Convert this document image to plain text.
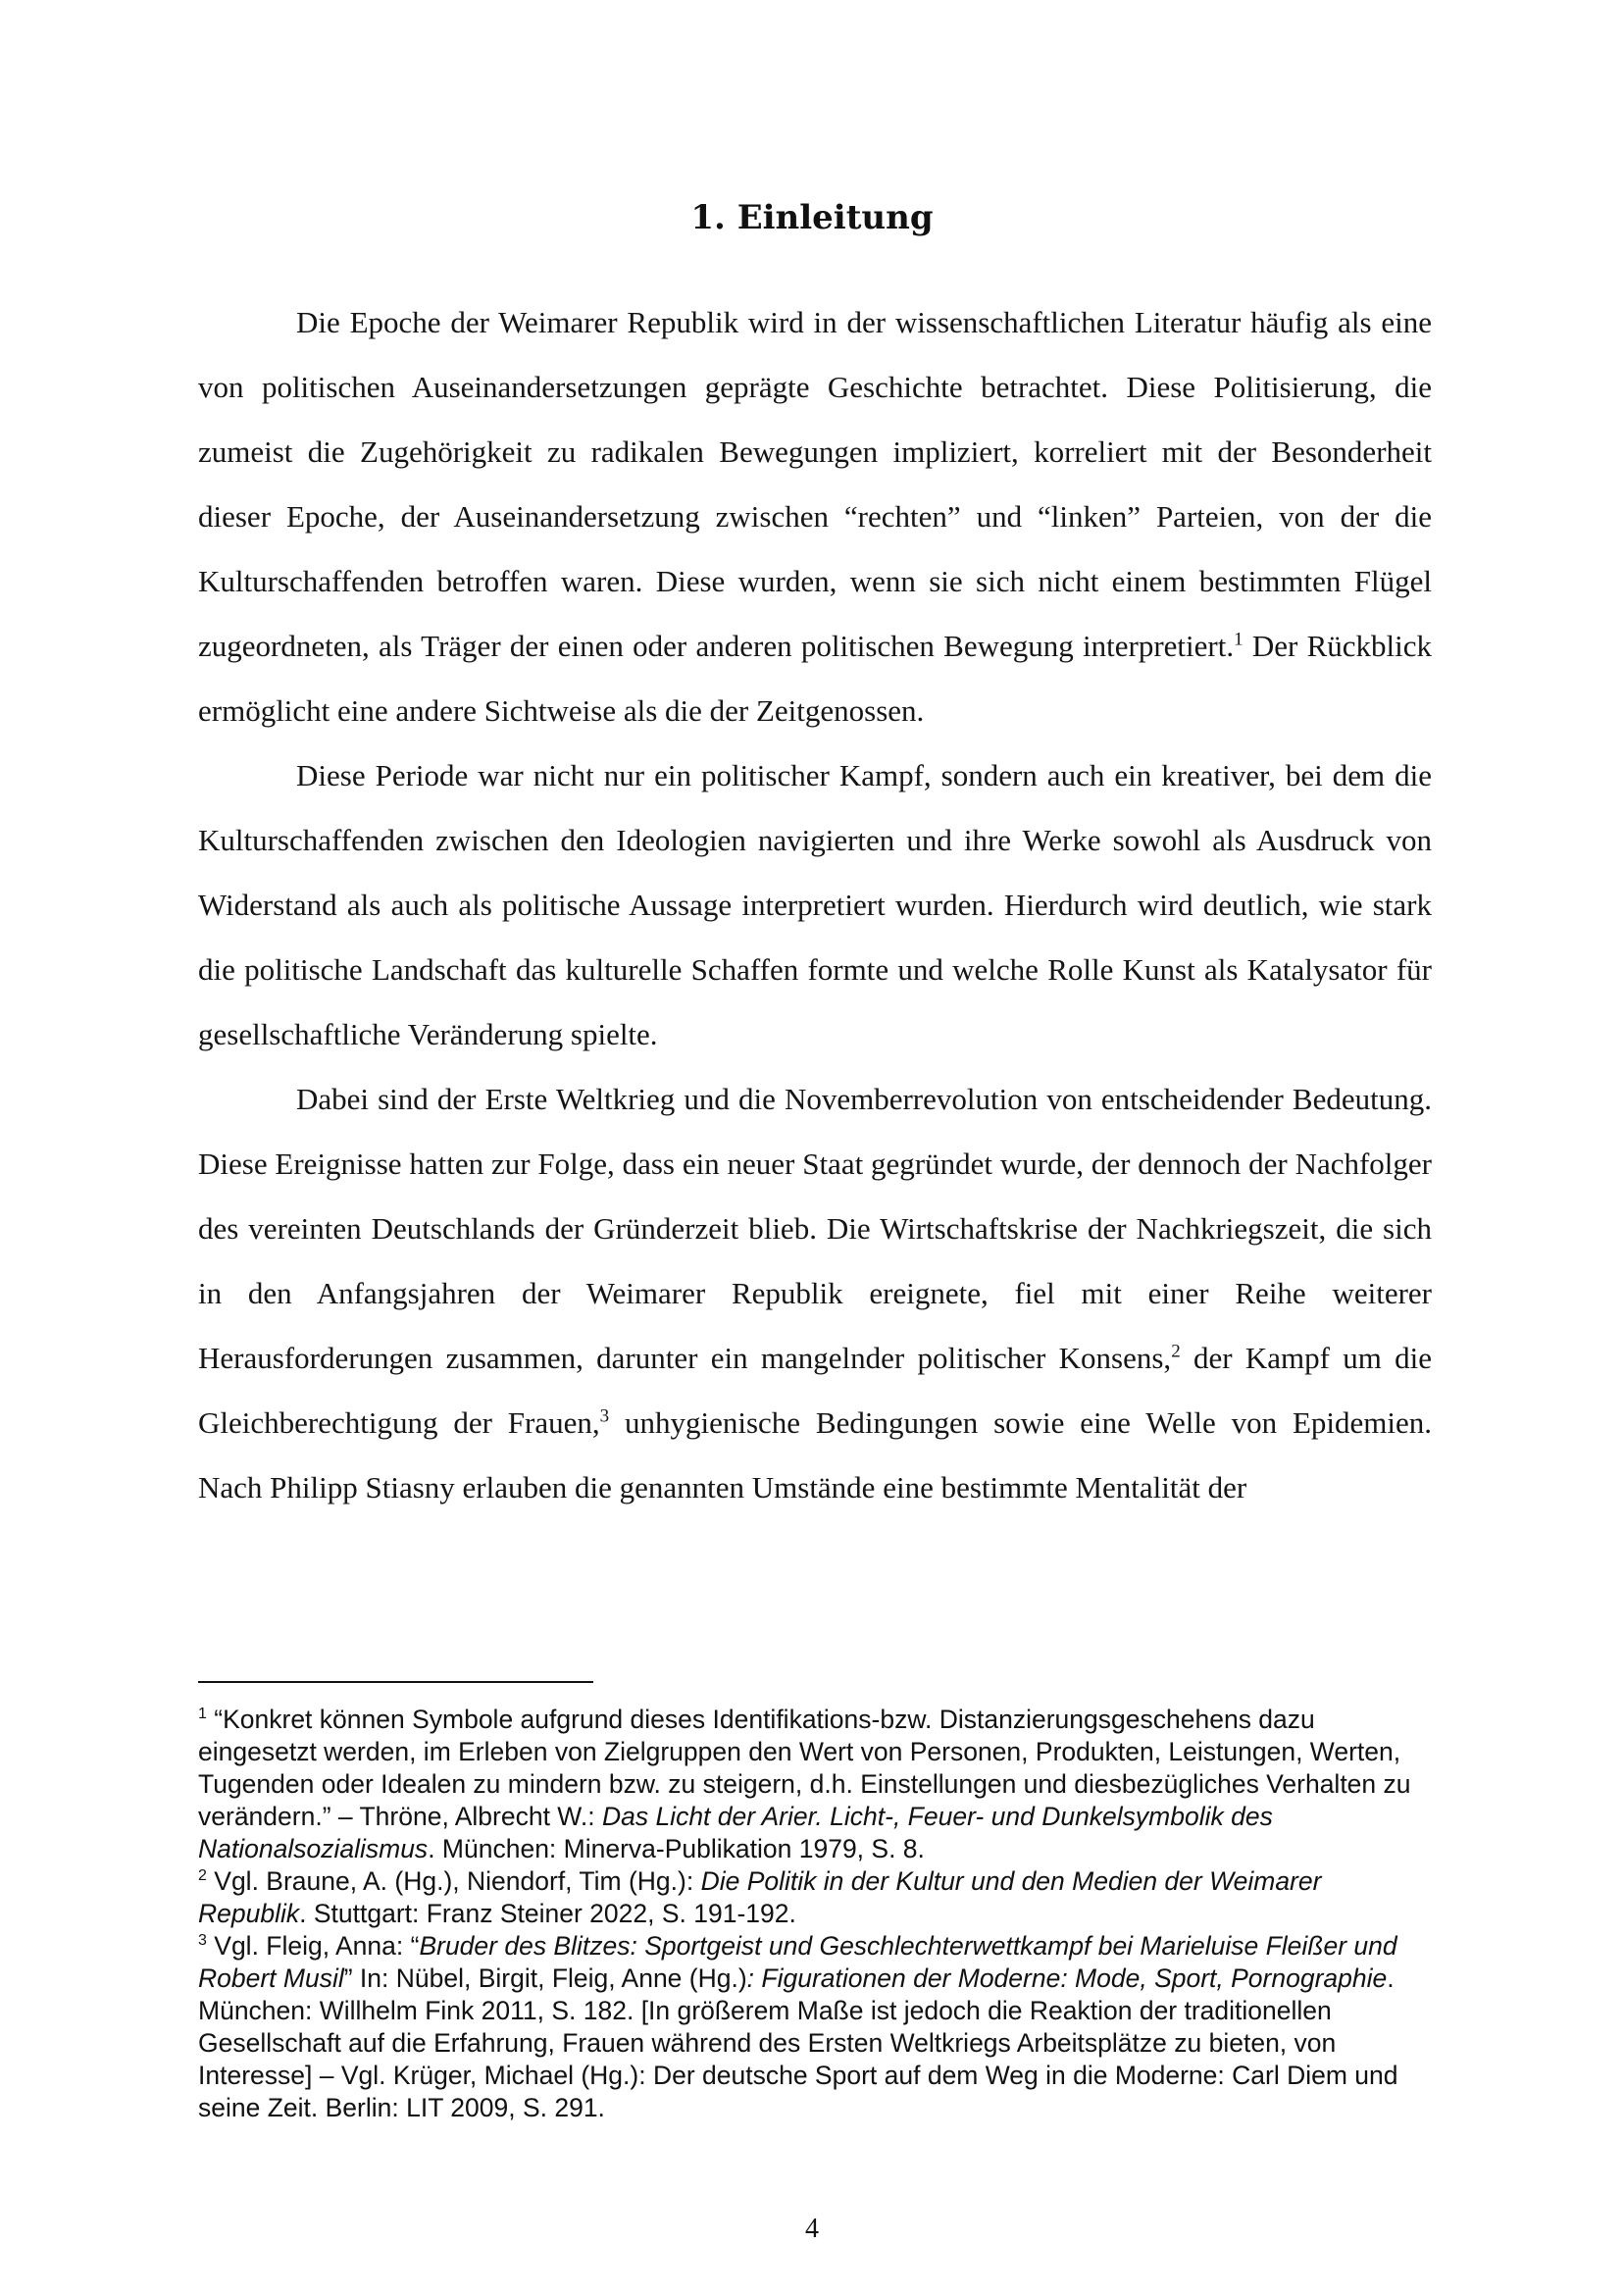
1. Einleitung

Die Epoche der Weimarer Republik wird in der wissenschaftlichen Literatur häufig als eine von politischen Auseinandersetzungen geprägte Geschichte betrachtet. Diese Politisierung, die zumeist die Zugehörigkeit zu radikalen Bewegungen impliziert, korreliert mit der Besonderheit dieser Epoche, der Auseinandersetzung zwischen “rechten” und “linken” Parteien, von der die Kulturschaffenden betroffen waren. Diese wurden, wenn sie sich nicht einem bestimmten Flügel zugeordneten, als Träger der einen oder anderen politischen Bewegung interpretiert.$^1$ Der Rückblick ermöglicht eine andere Sichtweise als die der Zeitgenossen.

Diese Periode war nicht nur ein politischer Kampf, sondern auch ein kreativer, bei dem die Kulturschaffenden zwischen den Ideologien navigierten und ihre Werke sowohl als Ausdruck von Widerstand als auch als politische Aussage interpretiert wurden. Hierdurch wird deutlich, wie stark die politische Landschaft das kulturelle Schaffen formte und welche Rolle Kunst als Katalysator für gesellschaftliche Veränderung spielte.

Dabei sind der Erste Weltkrieg und die Novemberrevolution von entscheidender Bedeutung. Diese Ereignisse hatten zur Folge, dass ein neuer Staat gegründet wurde, der dennoch der Nachfolger des vereinten Deutschlands der Gründerzeit blieb. Die Wirtschaftskrise der Nachkriegszeit, die sich in den Anfangsjahren der Weimarer Republik ereignete, fiel mit einer Reihe weiterer Herausforderungen zusammen, darunter ein mangelnder politischer Konsens,$^2$ der Kampf um die Gleichberechtigung der Frauen,$^3$ unhygienische Bedingungen sowie eine Welle von Epidemien. Nach Philipp Stiasny erlauben die genannten Umstände eine bestimmte Mentalität der

$^1$ “Konkret können Symbole aufgrund dieses Identifikations-bzw. Distanzierungsgeschehens dazu eingesetzt werden, im Erleben von Zielgruppen den Wert von Personen, Produkten, Leistungen, Werten, Tugenden oder Idealen zu mindern bzw. zu steigern, d.h. Einstellungen und diesbezügliches Verhalten zu verändern.” – Thröne, Albrecht W.: Das Licht der Arier. Licht-, Feuer- und Dunkelsymbolik des Nationalsozialismus. München: Minerva-Publikation 1979, S. 8.

$^2$ Vgl. Braune, A. (Hg.), Niendorf, Tim (Hg.): Die Politik in der Kultur und den Medien der Weimarer Republik. Stuttgart: Franz Steiner 2022, S. 191-192.

$^3$ Vgl. Fleig, Anna: “Bruder des Blitzes: Sportgeist und Geschlechterwettkampf bei Marieluise Fleißer und Robert Musil” In: Nübel, Birgit, Fleig, Anne (Hg.): Figurationen der Moderne: Mode, Sport, Pornographie. München: Willhelm Fink 2011, S. 182. [In größerem Maße ist jedoch die Reaktion der traditionellen Gesellschaft auf die Erfahrung, Frauen während des Ersten Weltkriegs Arbeitsplätze zu bieten, von Interesse] – Vgl. Krüger, Michael (Hg.): Der deutsche Sport auf dem Weg in die Moderne: Carl Diem und seine Zeit. Berlin: LIT 2009, S. 291.

4
